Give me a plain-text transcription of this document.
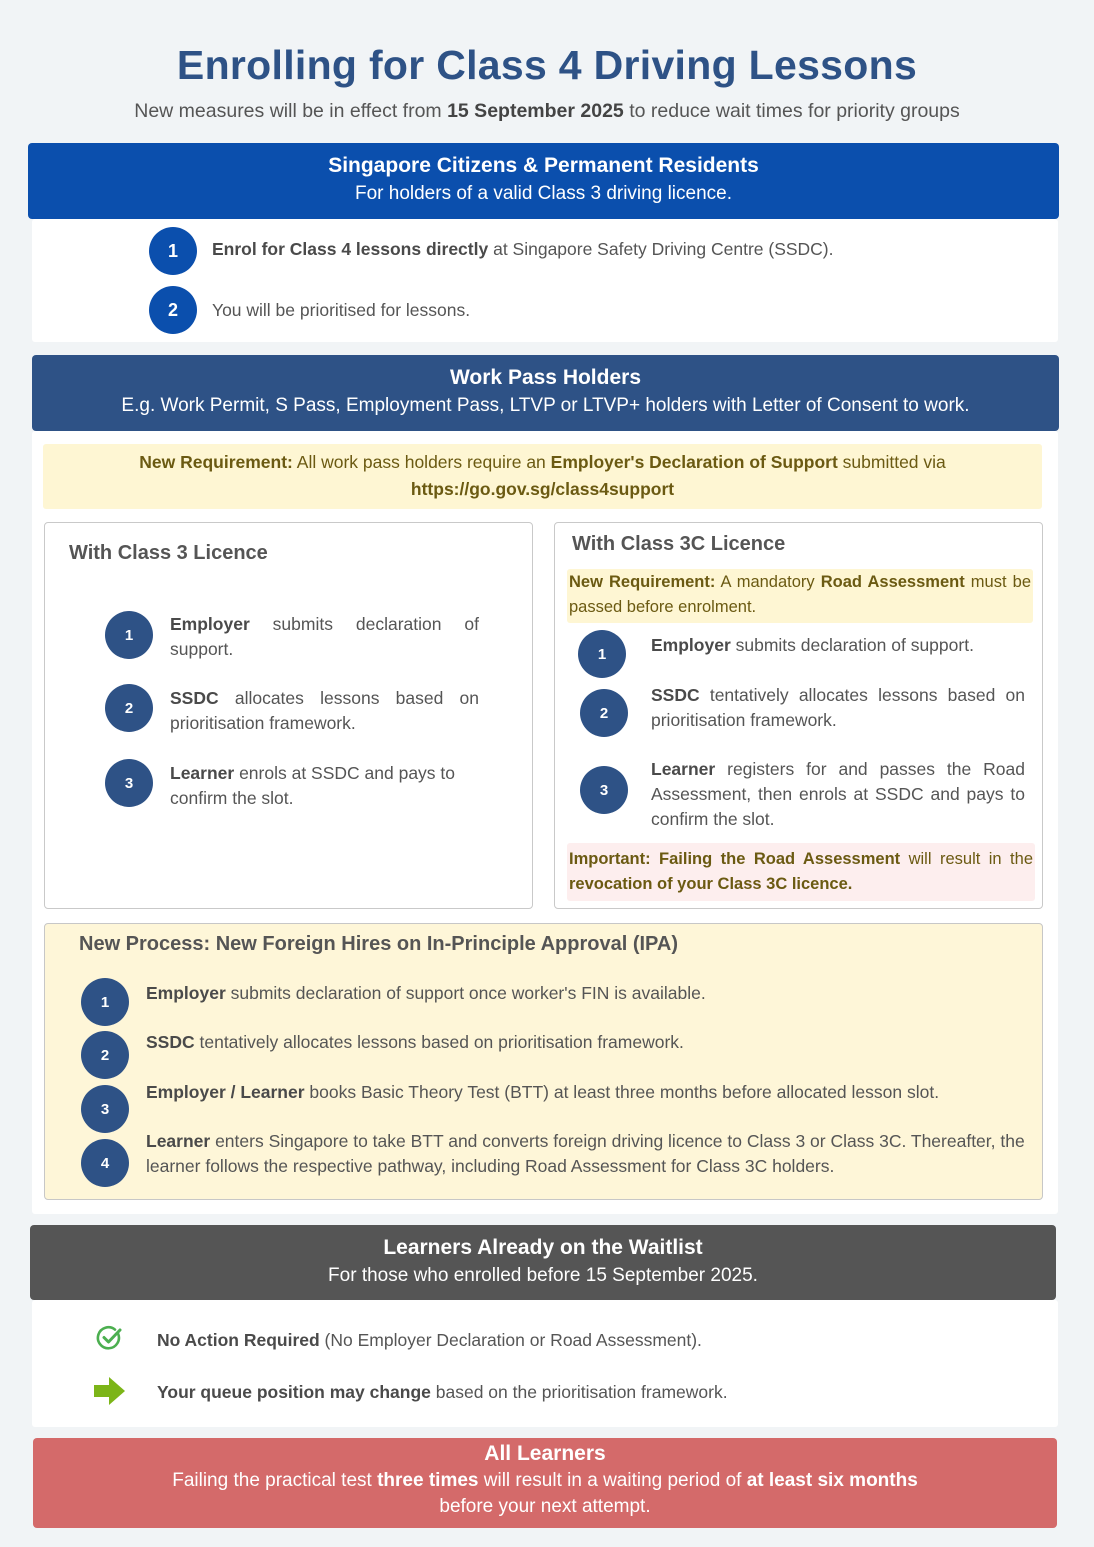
Enrolling for Class 4 Driving Lessons
New measures will be in effect from 15 September 2025 to reduce wait times for priority groups
Singapore Citizens & Permanent Residents
For holders of a valid Class 3 driving licence.
1	Enrol for Class 4 lessons directly at Singapore Safety Driving Centre (SSDC).
2	You will be prioritised for lessons.
Work Pass Holders
E.g. Work Permit, S Pass, Employment Pass, LTVP or LTVP+ holders with Letter of Consent to work.
New Requirement: All work pass holders require an Employer's Declaration of Support submitted via
https://go.gov.sg/class4support
With Class 3 Licence
1
Employer submits declaration of support.
2	SSDC allocates lessons based on prioritisation framework.
3	Learner enrols at SSDC and pays to confirm the slot.
With Class 3C Licence
New Requirement: A mandatory Road Assessment must be passed before enrolment.
1	Employer submits declaration of support.
2
SSDC tentatively allocates lessons based on prioritisation framework.
3
Learner registers for and passes the Road Assessment, then enrols at SSDC and pays to confirm the slot.
Important: Failing the Road Assessment will result in the revocation of your Class 3C licence.
New Process: New Foreign Hires on In-Principle Approval (IPA)
1	Employer submits declaration of support once worker's FIN is available.
2
SSDC tentatively allocates lessons based on prioritisation framework.
3
Employer / Learner books Basic Theory Test (BTT) at least three months before allocated lesson slot.
4
Learner enters Singapore to take BTT and converts foreign driving licence to Class 3 or Class 3C. Thereafter, the learner follows the respective pathway, including Road Assessment for Class 3C holders.
Learners Already on the Waitlist
For those who enrolled before 15 September 2025.
No Action Required (No Employer Declaration or Road Assessment).
Your queue position may change based on the prioritisation framework.
All Learners
Failing the practical test three times will result in a waiting period of at least six months
before your next attempt.
